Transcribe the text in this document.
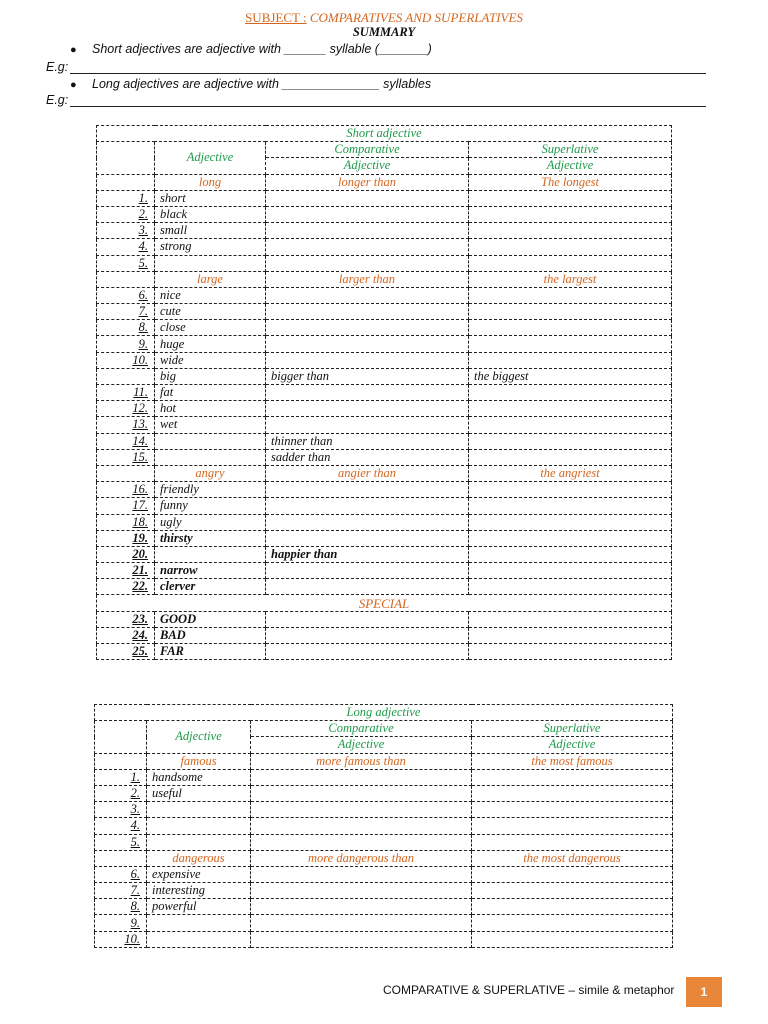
SUBJECT : COMPARATIVES AND SUPERLATIVES
SUMMARY
● Short adjectives are adjective with ______ syllable (_______)
E.g:
● Long adjectives are adjective with ______________ syllables
E.g:
Short adjective			
	Adjective	Comparative	Superlative
		Adjective	Adjective
	long	longer than	The longest
1.	short		
2.	black		
3.	small		
4.	strong		
5.			
	large	larger than	the largest
6.	nice		
7.	cute		
8.	close		
9.	huge		
10.	wide		
	big	bigger than	the biggest
11.	fat		
12.	hot		
13.	wet		
14.		thinner than	
15.		sadder than	
	angry	angier than	the angriest
16.	friendly		
17.	funny		
18.	ugly		
19.	thirsty		
20.		happier than	
21.	narrow		
22.	clerver		
SPECIAL			
23.	GOOD		
24.	BAD		
25.	FAR		
Long adjective			
	Adjective	Comparative	Superlative
		Adjective	Adjective
	famous	more famous than	the most famous
1.	handsome		
2.	useful		
3.			
4.			
5.			
	dangerous	more dangerous than	the most dangerous
6.	expensive		
7.	interesting		
8.	powerful		
9.			
10.			
COMPARATIVE & SUPERLATIVE – simile & metaphor	1
